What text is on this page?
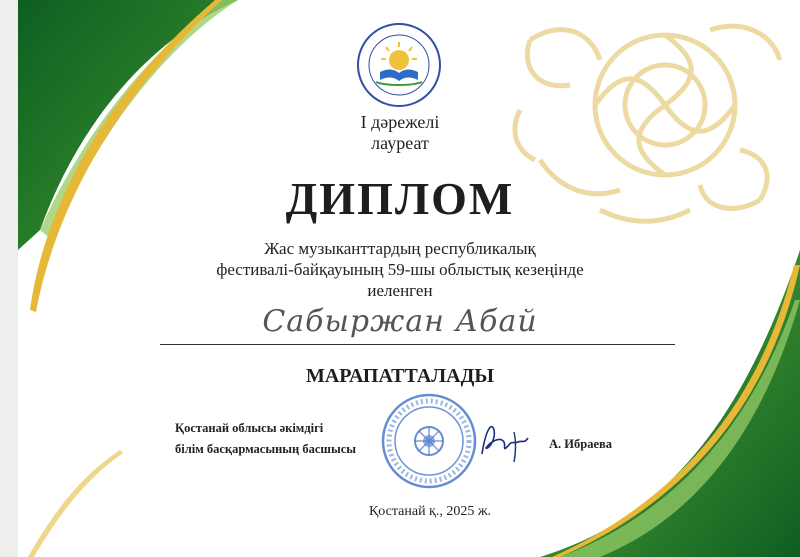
I дәрежелі
лауреат
ДИПЛОМ
Жас музыканттардың республикалық
фестивалі-байқауының 59-шы облыстық кезеңінде
иеленген
Сабыржан Абай
МАРАПАТТАЛАДЫ
Қостанай облысы әкімдігі
білім басқармасының басшысы	А. Ибраева
Қостанай қ., 2025 ж.
